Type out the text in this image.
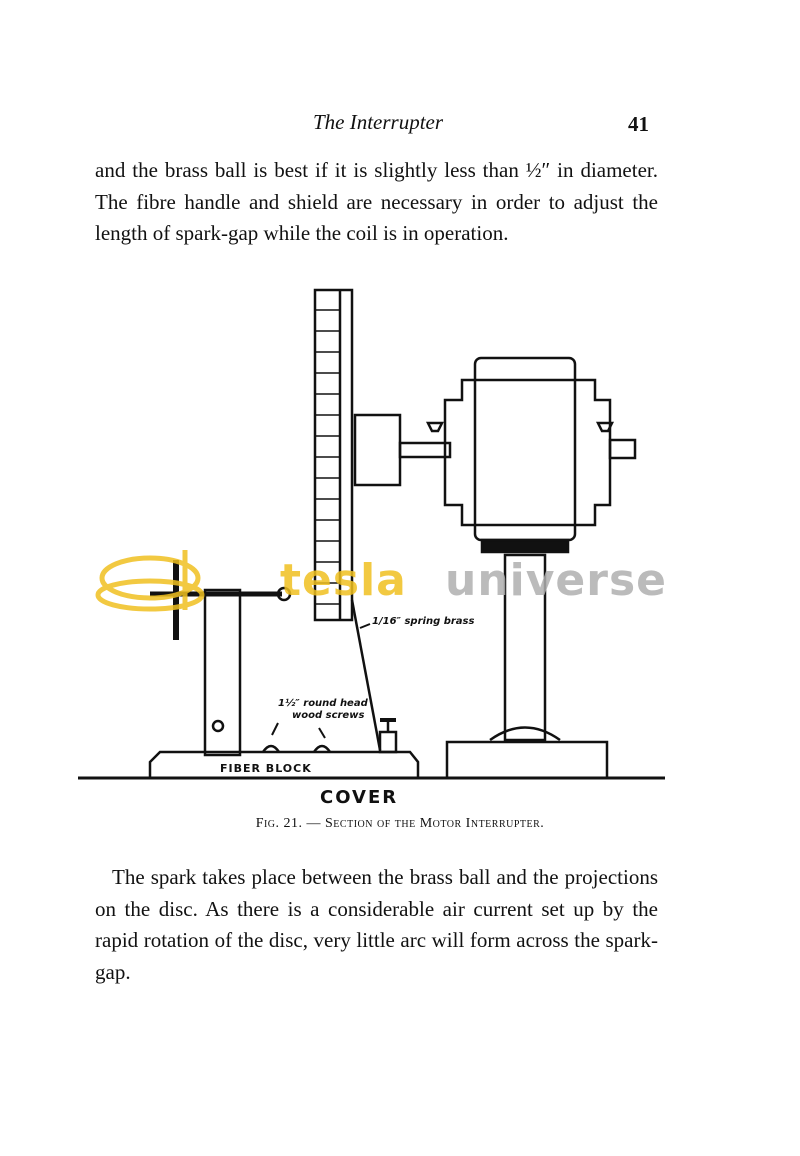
The Interrupter	41
and the brass ball is best if it is slightly less than ½″ in diameter. The fibre handle and shield are necessary in order to adjust the length of spark-gap while the coil is in operation.
1/16″ spring brass
1½″ round head
wood screws
FIBER BLOCK
COVER
tesla universe
Fig. 21. — Section of the Motor Interrupter.
The spark takes place between the brass ball and the projections on the disc. As there is a considerable air current set up by the rapid rotation of the disc, very little arc will form across the spark-gap.
